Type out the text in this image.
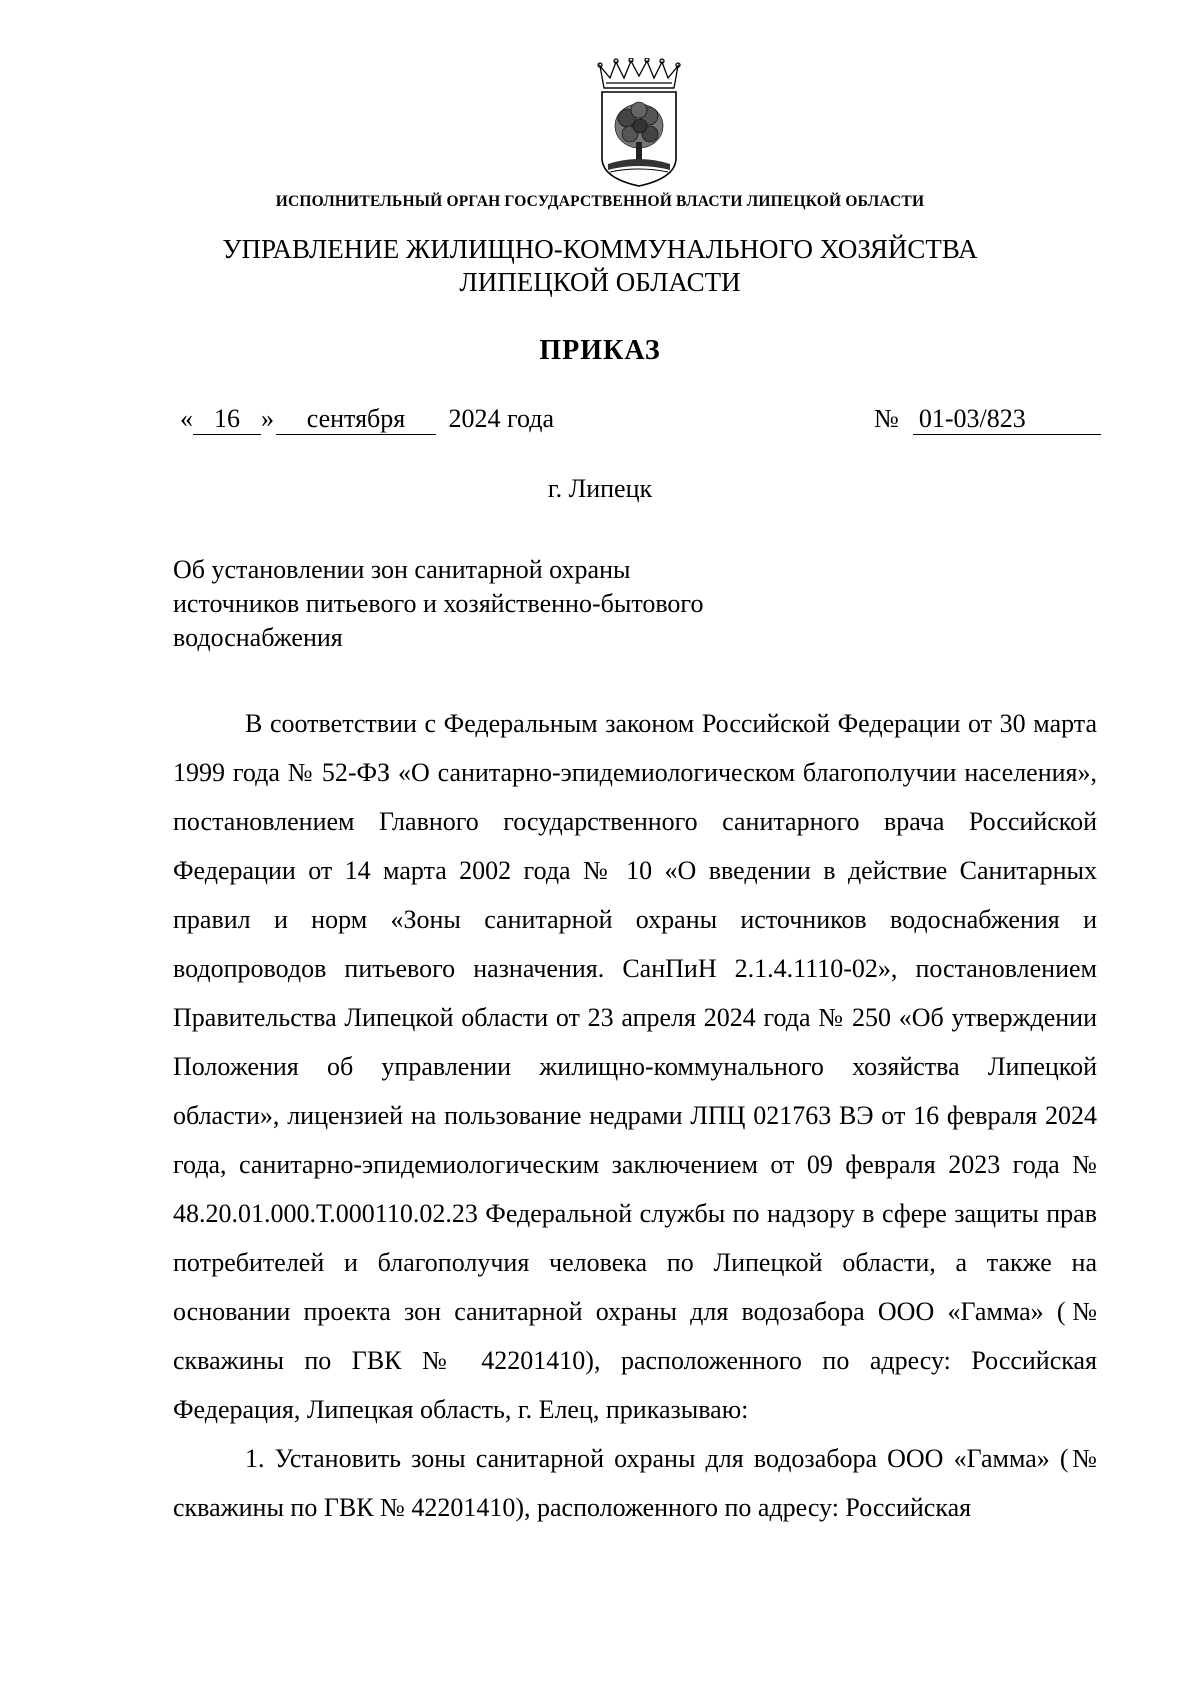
ИСПОЛНИТЕЛЬНЫЙ ОРГАН ГОСУДАРСТВЕННОЙ ВЛАСТИ ЛИПЕЦКОЙ ОБЛАСТИ
УПРАВЛЕНИЕ ЖИЛИЩНО-КОММУНАЛЬНОГО ХОЗЯЙСТВА
ЛИПЕЦКОЙ ОБЛАСТИ
ПРИКАЗ
« 16 » сентября 2024 года	№ 01-03/823
г. Липецк
Об установлении зон санитарной охраны
источников питьевого и хозяйственно-бытового
водоснабжения

В соответствии с Федеральным законом Российской Федерации от 30 марта 1999 года № 52-ФЗ «О санитарно-эпидемиологическом благополучии населения», постановлением Главного государственного санитарного врача Российской Федерации от 14 марта 2002 года № 10 «О введении в действие Санитарных правил и норм «Зоны санитарной охраны источников водоснабжения и водопроводов питьевого назначения. СанПиН 2.1.4.1110-02», постановлением Правительства Липецкой области от 23 апреля 2024 года № 250 «Об утверждении Положения об управлении жилищно-коммунального хозяйства Липецкой области», лицензией на пользование недрами ЛПЦ 021763 ВЭ от 16 февраля 2024 года, санитарно-эпидемиологическим заключением от 09 февраля 2023 года № 48.20.01.000.Т.000110.02.23 Федеральной службы по надзору в сфере защиты прав потребителей и благополучия человека по Липецкой области, а также на основании проекта зон санитарной охраны для водозабора ООО «Гамма» (№ скважины по ГВК № 42201410), расположенного по адресу: Российская Федерация, Липецкая область, г. Елец, приказываю:

1. Установить зоны санитарной охраны для водозабора ООО «Гамма» (№ скважины по ГВК № 42201410), расположенного по адресу: Российская
